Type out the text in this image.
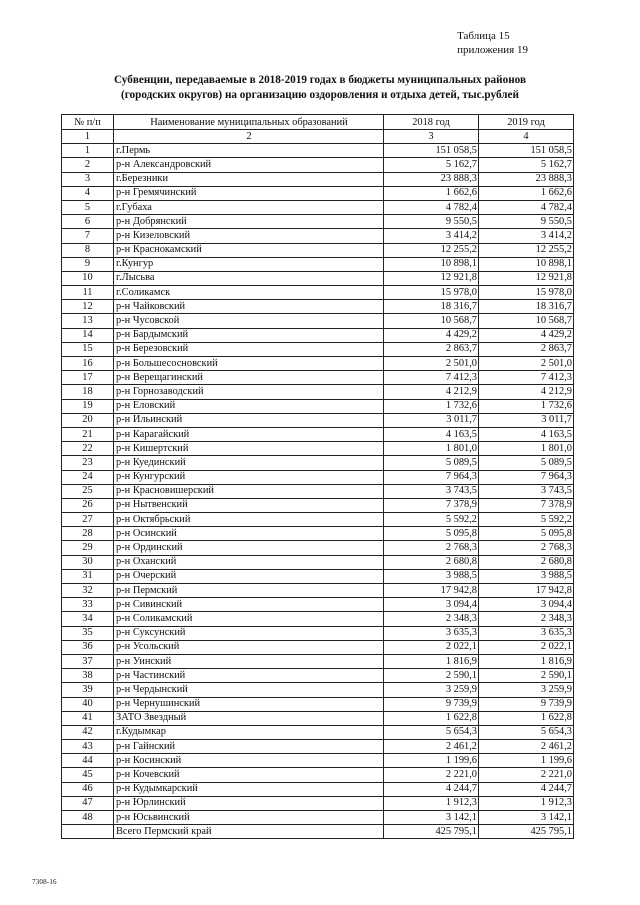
Таблица 15
приложения 19
Субвенции, передаваемые в 2018-2019 годах в бюджеты муниципальных районов
(городских округов) на организацию оздоровления и отдыха детей, тыс.рублей
№ п/п	Наименование муниципальных образований	2018 год	2019 год
1	2	3	4
1	г.Пермь	151 058,5	151 058,5
2	р-н Александровский	5 162,7	5 162,7
3	г.Березники	23 888,3	23 888,3
4	р-н Гремячинский	1 662,6	1 662,6
5	г.Губаха	4 782,4	4 782,4
6	р-н Добрянский	9 550,5	9 550,5
7	р-н Кизеловский	3 414,2	3 414,2
8	р-н Краснокамский	12 255,2	12 255,2
9	г.Кунгур	10 898,1	10 898,1
10	г.Лысьва	12 921,8	12 921,8
11	г.Соликамск	15 978,0	15 978,0
12	р-н Чайковский	18 316,7	18 316,7
13	р-н Чусовской	10 568,7	10 568,7
14	р-н Бардымский	4 429,2	4 429,2
15	р-н Березовский	2 863,7	2 863,7
16	р-н Большесосновский	2 501,0	2 501,0
17	р-н Верещагинский	7 412,3	7 412,3
18	р-н Горнозаводский	4 212,9	4 212,9
19	р-н Еловский	1 732,6	1 732,6
20	р-н Ильинский	3 011,7	3 011,7
21	р-н Карагайский	4 163,5	4 163,5
22	р-н Кишертский	1 801,0	1 801,0
23	р-н Куединский	5 089,5	5 089,5
24	р-н Кунгурский	7 964,3	7 964,3
25	р-н Красновишерский	3 743,5	3 743,5
26	р-н Нытвенский	7 378,9	7 378,9
27	р-н Октябрьский	5 592,2	5 592,2
28	р-н Осинский	5 095,8	5 095,8
29	р-н Ординский	2 768,3	2 768,3
30	р-н Оханский	2 680,8	2 680,8
31	р-н Очерский	3 988,5	3 988,5
32	р-н Пермский	17 942,8	17 942,8
33	р-н Сивинский	3 094,4	3 094,4
34	р-н Соликамский	2 348,3	2 348,3
35	р-н Суксунский	3 635,3	3 635,3
36	р-н Усольский	2 022,1	2 022,1
37	р-н Уинский	1 816,9	1 816,9
38	р-н Частинский	2 590,1	2 590,1
39	р-н Чердынский	3 259,9	3 259,9
40	р-н Чернушинский	9 739,9	9 739,9
41	ЗАТО Звездный	1 622,8	1 622,8
42	г.Кудымкар	5 654,3	5 654,3
43	р-н Гайнский	2 461,2	2 461,2
44	р-н Косинский	1 199,6	1 199,6
45	р-н Кочевский	2 221,0	2 221,0
46	р-н Кудымкарский	4 244,7	4 244,7
47	р-н Юрлинский	1 912,3	1 912,3
48	р-н Юсьвинский	3 142,1	3 142,1
	Всего Пермский край	425 795,1	425 795,1
7308-16
